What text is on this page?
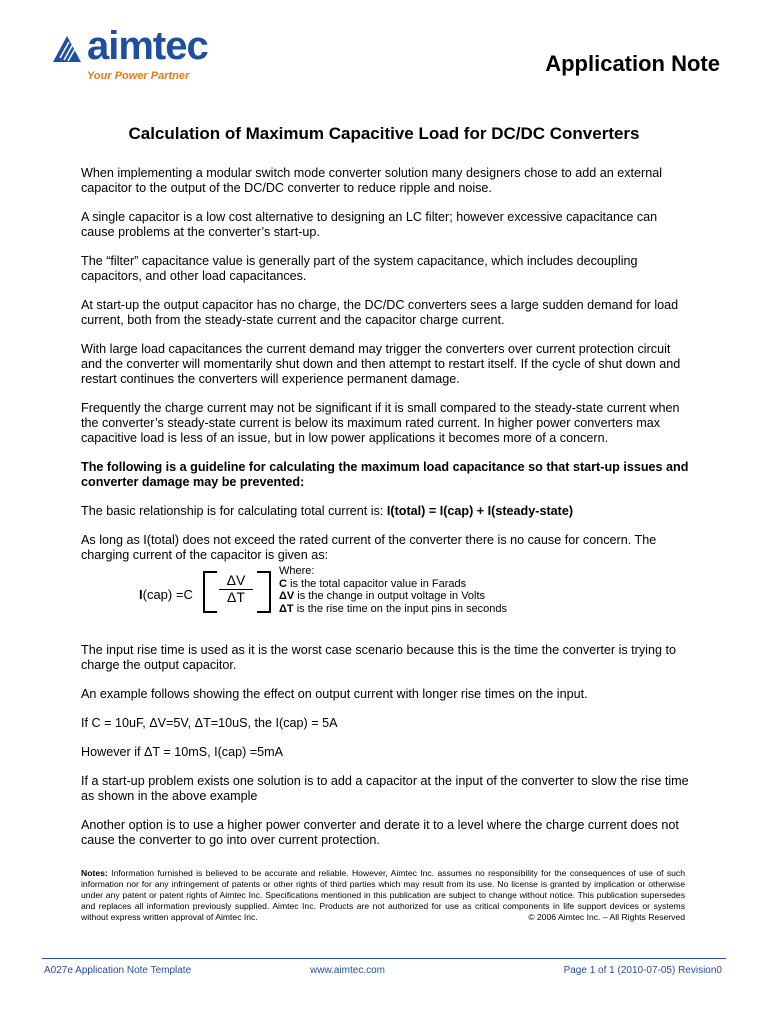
aimtec
Your Power Partner	Application Note
Calculation of Maximum Capacitive Load for DC/DC Converters

When implementing a modular switch mode converter solution many designers chose to add an external capacitor to the output of the DC/DC converter to reduce ripple and noise.

A single capacitor is a low cost alternative to designing an LC filter; however excessive capacitance can cause problems at the converter’s start-up.

The “filter” capacitance value is generally part of the system capacitance, which includes decoupling capacitors, and other load capacitances.

At start-up the output capacitor has no charge, the DC/DC converters sees a large sudden demand for load current, both from the steady-state current and the capacitor charge current.

With large load capacitances the current demand may trigger the converters over current protection circuit and the converter will momentarily shut down and then attempt to restart itself. If the cycle of shut down and restart continues the converters will experience permanent damage.

Frequently the charge current may not be significant if it is small compared to the steady-state current when the converter’s steady-state current is below its maximum rated current. In higher power converters max capacitive load is less of an issue, but in low power applications it becomes more of a concern.

The following is a guideline for calculating the maximum load capacitance so that start-up issues and converter damage may be prevented:

The basic relationship is for calculating total current is: I(total) = I(cap) + I(steady-state)

As long as I(total) does not exceed the rated current of the converter there is no cause for concern. The charging current of the capacitor is given as:

$I(cap) =C \frac{\Delta V}{\Delta T}$
Where:
C is the total capacitor value in Farads
ΔV is the change in output voltage in Volts
ΔT is the rise time on the input pins in seconds

The input rise time is used as it is the worst case scenario because this is the time the converter is trying to charge the output capacitor.

An example follows showing the effect on output current with longer rise times on the input.

If C = 10uF, ΔV=5V, ΔT=10uS, the I(cap) = 5A

However if ΔT = 10mS, I(cap) =5mA

If a start-up problem exists one solution is to add a capacitor at the input of the converter to slow the rise time as shown in the above example

Another option is to use a higher power converter and derate it to a level where the charge current does not cause the converter to go into over current protection.

Notes: Information furnished is believed to be accurate and reliable. However, Aimtec Inc. assumes no responsibility for the consequences of use of such information nor for any infringement of patents or other rights of third parties which may result from its use. No license is granted by implication or otherwise under any patent or patent rights of Aimtec Inc. Specifications mentioned in this publication are subject to change without notice. This publication supersedes and replaces all information previously supplied. Aimtec Inc. Products are not authorized for use as critical components in life support devices or systems without express written approval of Aimtec Inc.	© 2006 Aimtec Inc. – All Rights Reserved
A027e Application Note Template	www.aimtec.com	Page 1 of 1 (2010-07-05) Revision0
